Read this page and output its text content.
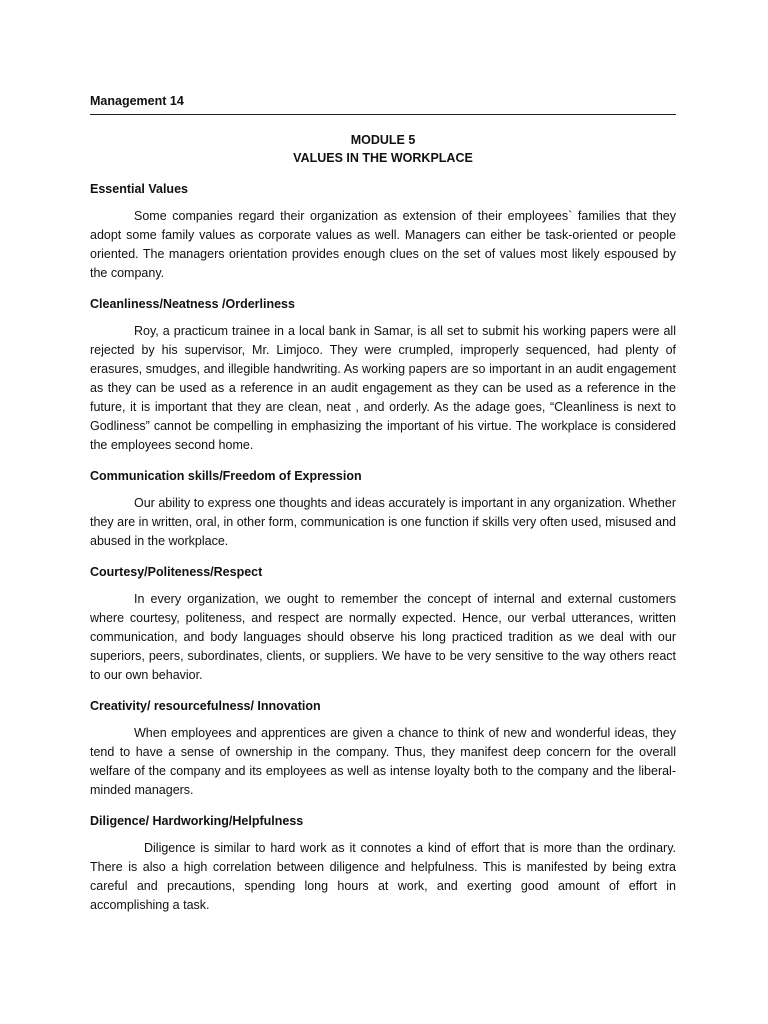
Management 14
MODULE 5
VALUES IN THE WORKPLACE
Essential Values

Some companies regard their organization as extension of their employees` families that they adopt some family values as corporate values as well. Managers can either be task-oriented or people oriented. The managers orientation provides enough clues on the set of values most likely espoused by the company.

Cleanliness/Neatness /Orderliness

Roy, a practicum trainee in a local bank in Samar, is all set to submit his working papers were all rejected by his supervisor, Mr. Limjoco. They were crumpled, improperly sequenced, had plenty of erasures, smudges, and illegible handwriting. As working papers are so important in an audit engagement as they can be used as a reference in an audit engagement as they can be used as a reference in the future, it is important that they are clean, neat , and orderly. As the adage goes, “Cleanliness is next to Godliness” cannot be compelling in emphasizing the important of his virtue. The workplace is considered the employees second home.

Communication skills/Freedom of Expression

Our ability to express one thoughts and ideas accurately is important in any organization. Whether they are in written, oral, in other form, communication is one function if skills very often used, misused and abused in the workplace.

Courtesy/Politeness/Respect

In every organization, we ought to remember the concept of internal and external customers where courtesy, politeness, and respect are normally expected. Hence, our verbal utterances, written communication, and body languages should observe his long practiced tradition as we deal with our superiors, peers, subordinates, clients, or suppliers. We have to be very sensitive to the way others react to our own behavior.

Creativity/ resourcefulness/ Innovation

When employees and apprentices are given a chance to think of new and wonderful ideas, they tend to have a sense of ownership in the company. Thus, they manifest deep concern for the overall welfare of the company and its employees as well as intense loyalty both to the company and the liberal-minded managers.

Diligence/ Hardworking/Helpfulness

Diligence is similar to hard work as it connotes a kind of effort that is more than the ordinary. There is also a high correlation between diligence and helpfulness. This is manifested by being extra careful and precautions, spending long hours at work, and exerting good amount of effort in accomplishing a task.
